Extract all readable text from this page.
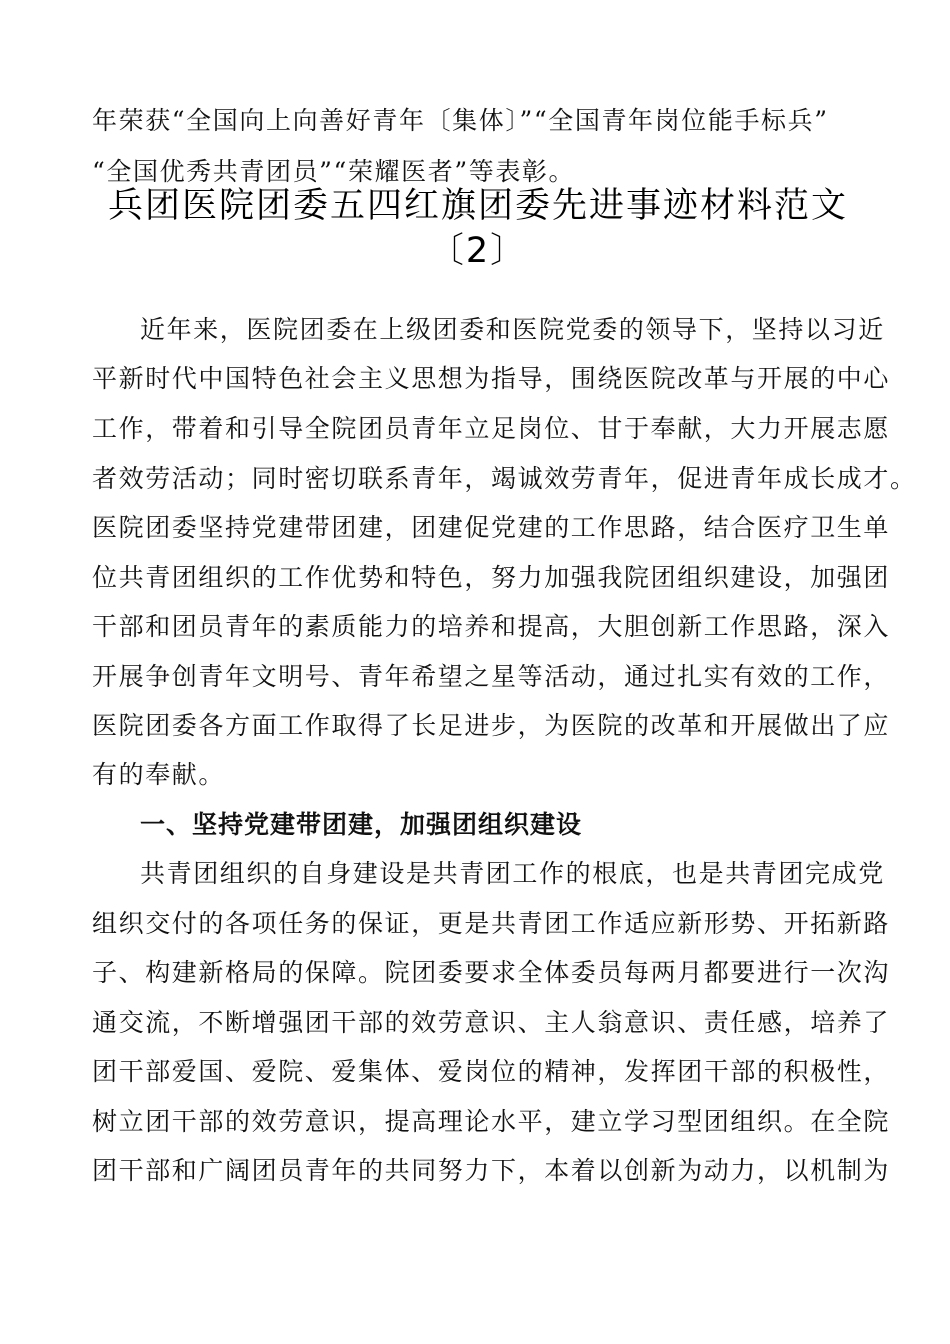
年荣获“全国向上向善好青年〔集体〕”“全国青年岗位能手标兵”
“全国优秀共青团员”“荣耀医者”等表彰。
兵团医院团委五四红旗团委先进事迹材料范文
〔2〕
近年来，医院团委在上级团委和医院党委的领导下，坚持以习近
平新时代中国特色社会主义思想为指导，围绕医院改革与开展的中心
工作，带着和引导全院团员青年立足岗位、甘于奉献，大力开展志愿
者效劳活动；同时密切联系青年，竭诚效劳青年，促进青年成长成才。
医院团委坚持党建带团建，团建促党建的工作思路，结合医疗卫生单
位共青团组织的工作优势和特色，努力加强我院团组织建设，加强团
干部和团员青年的素质能力的培养和提高，大胆创新工作思路，深入
开展争创青年文明号、青年希望之星等活动，通过扎实有效的工作，
医院团委各方面工作取得了长足进步，为医院的改革和开展做出了应
有的奉献。
一、坚持党建带团建，加强团组织建设
共青团组织的自身建设是共青团工作的根底，也是共青团完成党
组织交付的各项任务的保证，更是共青团工作适应新形势、开拓新路
子、构建新格局的保障。院团委要求全体委员每两月都要进行一次沟
通交流，不断增强团干部的效劳意识、主人翁意识、责任感，培养了
团干部爱国、爱院、爱集体、爱岗位的精神，发挥团干部的积极性，
树立团干部的效劳意识，提高理论水平，建立学习型团组织。在全院
团干部和广阔团员青年的共同努力下，本着以创新为动力，以机制为
